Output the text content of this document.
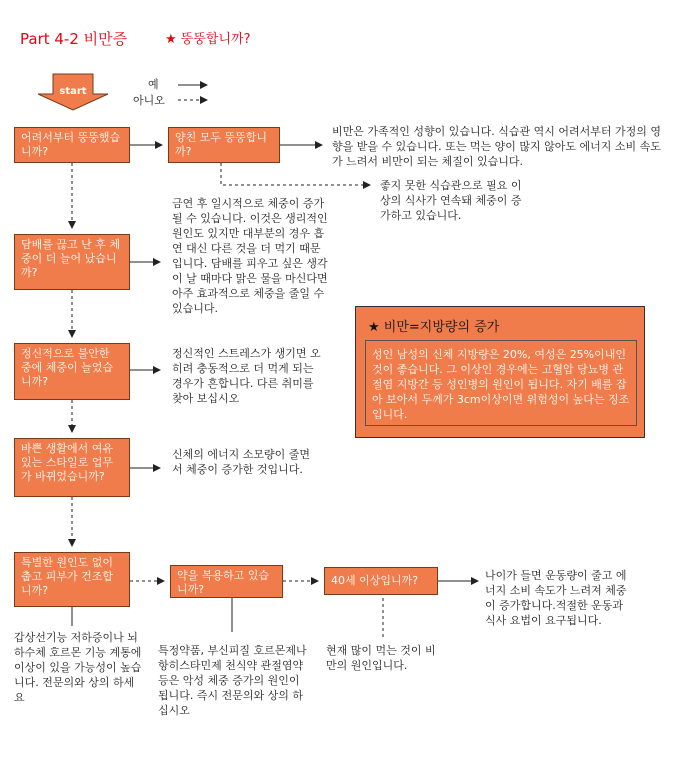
Part 4-2 비만증	★ 뚱뚱합니까?
start
예
아니오
어려서부터 뚱뚱했습니까?
양친 모두 뚱뚱합니까?
담배를 끊고 난 후 체중이 더 늘어 났습니까?
정신적으로 불안한 중에 체중이 늘었습니까?
바쁜 생활에서 여유 있는 스타일로 업무가 바뀌었습니까?
특별한 원인도 없이 춥고 피부가 건조합니까?
약을 복용하고 있습니까?
40세 이상입니까?
비만은 가족적인 성향이 있습니다. 식습관 역시 어려서부터 가정의 영향을 받을 수 있습니다. 또는 먹는 양이 많지 않아도 에너지 소비 속도가 느려서 비만이 되는 체질이 있습니다.
좋지 못한 식습관으로 필요 이상의 식사가 연속돼 체중이 증가하고 있습니다.
금연 후 일시적으로 체중이 증가될 수 있습니다. 이것은 생리적인 원인도 있지만 대부분의 경우 흡연 대신 다른 것을 더 먹기 때문입니다. 담배를 피우고 싶은 생각이 날 때마다 맑은 물을 마신다면 아주 효과적으로 체중을 줄일 수 있습니다.
정신적인 스트레스가 생기면 오히려 충동적으로 더 먹게 되는 경우가 흔합니다. 다른 취미를 찾아 보십시오
신체의 에너지 소모량이 줄면서 체중이 증가한 것입니다.
갑상선기능 저하증이나 뇌하수체 호르몬 기능 계통에 이상이 있을 가능성이 높습니다. 전문의와 상의 하세요
특정약품, 부신피질 호르몬제나 항히스타민제 천식약 관절염약 등은 악성 체중 증가의 원인이 됩니다. 즉시 전문의와 상의 하십시오
나이가 들면 운동량이 줄고 에너지 소비 속도가 느려져 체중이 증가합니다.적절한 운동과 식사 요법이 요구됩니다.
현재 많이 먹는 것이 비만의 원인입니다.
★ 비만=지방량의 증가
성인 남성의 신체 지방량은 20%, 여성은 25%이내인 것이 좋습니다. 그 이상인 경우에는 고혈압 당뇨병 관절염 지방간 등 성인병의 원인이 됩니다. 자기 배를 잡아 보아서 두께가 3cm이상이면 위험성이 높다는 징조입니다.
